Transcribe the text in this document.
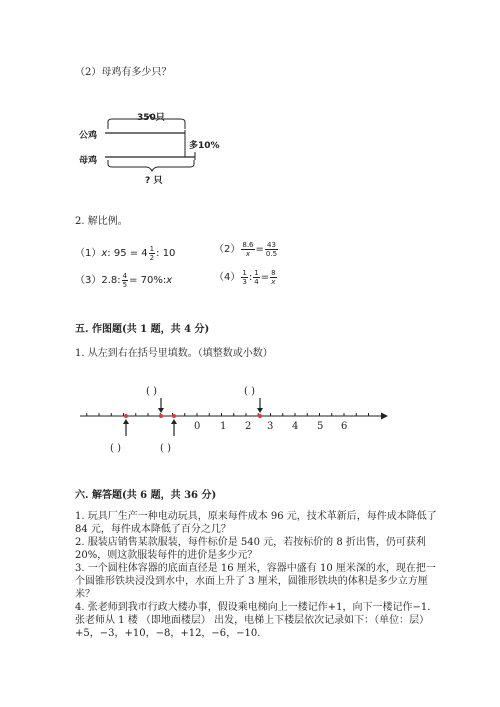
（2）母鸡有多少只？
350只
公鸡
母鸡
多10%
? 只
2. 解比例。
（1）x: $95 = 4 \frac{1}{2}$ : 10	$(2) \frac{8.6}{x} = \frac{43}{0.5}$
（3）2.8: $\frac{4}{5}$ = 70%:x	$(4) \frac{1}{3}$ : $\frac{1}{4} = \frac{8}{x}$
五. 作图题(共 1 题，共 4 分)
1. 从左到右在括号里填数。（填整数或小数）
0 1 2 3 4 5 6
( )	( )
( )	( )
六. 解答题(共 6 题，共 36 分)
1. 玩具厂生产一种电动玩具，原来每件成本 96 元，技术革新后，每件成本降低了 84 元，每件成本降低了百分之几？
2. 服装店销售某款服装，每件标价是 540 元，若按标价的 8 折出售，仍可获利 20%，则这款服装每件的进价是多少元？
3. 一个圆柱体容器的底面直径是 16 厘米，容器中盛有 10 厘米深的水，现在把一个圆锥形铁块浸没到水中，水面上升了 3 厘米，圆锥形铁块的体积是多少立方厘米？
4. 张老师到我市行政大楼办事，假设乘电梯向上一楼记作+1，向下一楼记作−1．张老师从 1 楼 （即地面楼层） 出发，电梯上下楼层依次记录如下：（单位：层）+5，−3，+10，−8，+12，−6，−10.
